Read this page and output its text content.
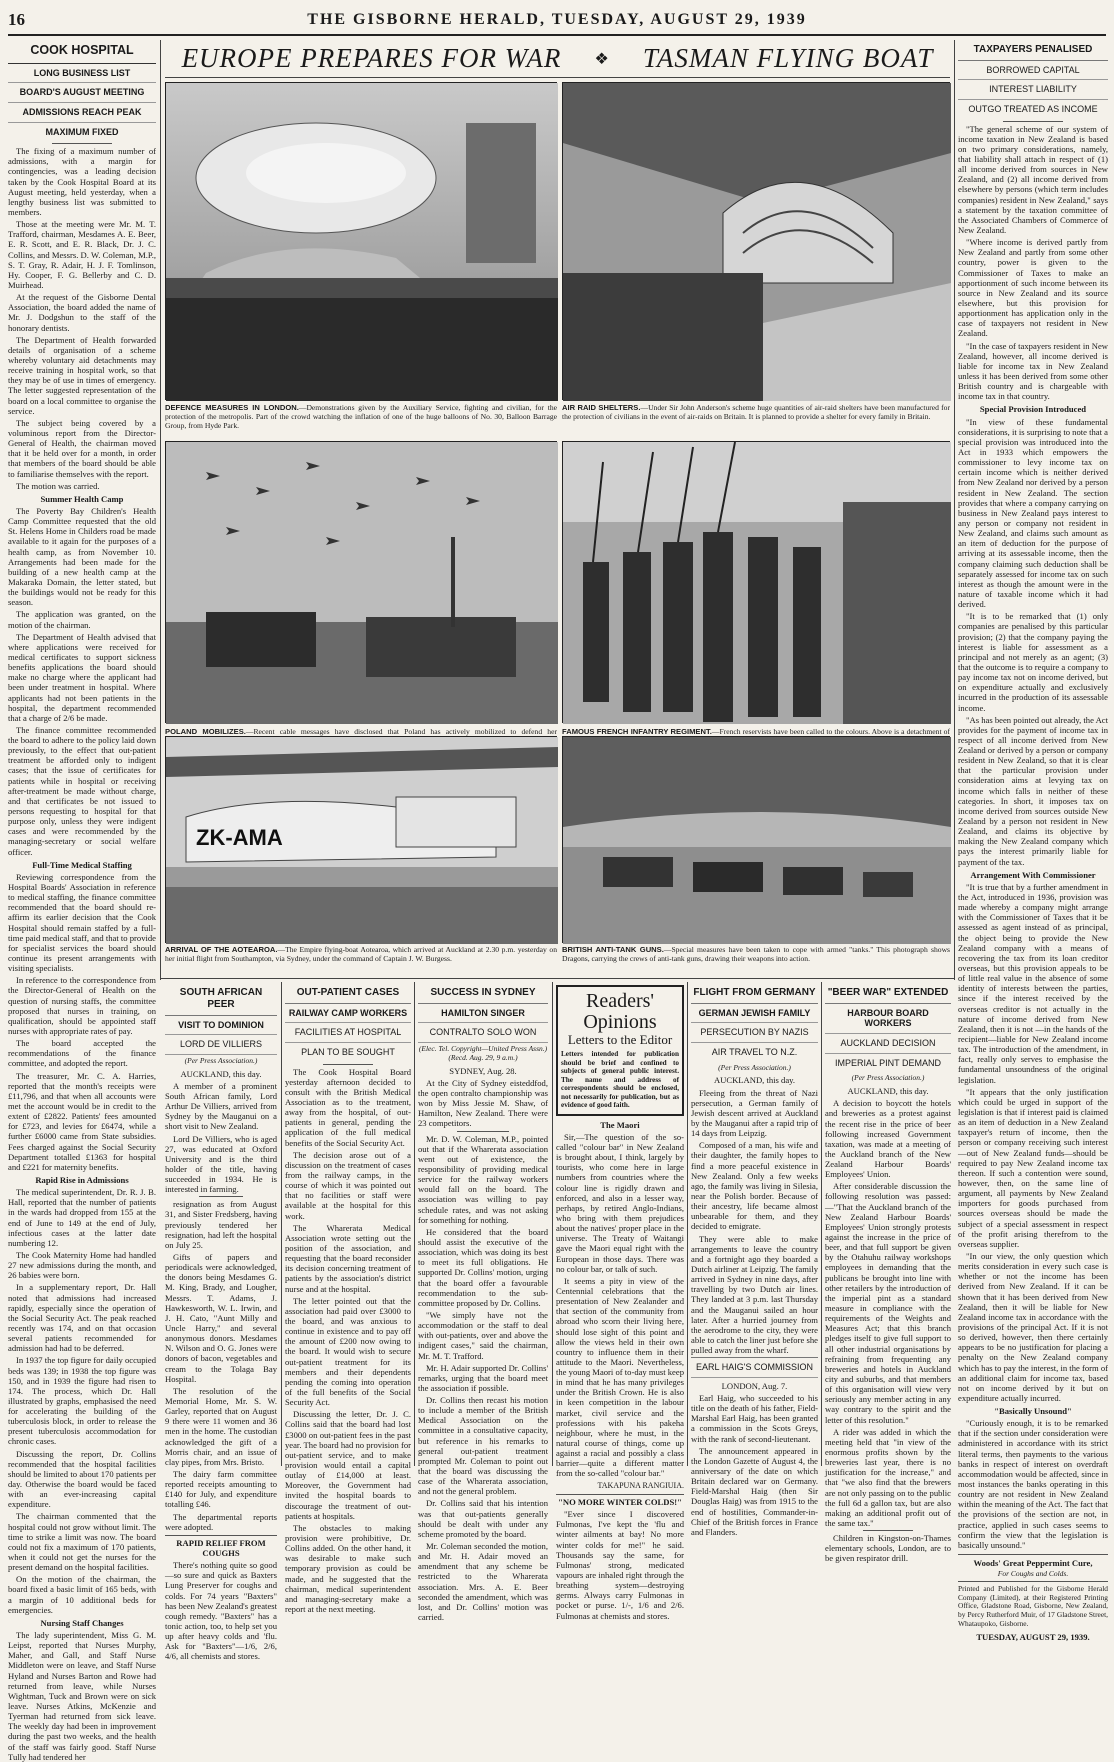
16	THE GISBORNE HERALD, TUESDAY, AUGUST 29, 1939
COOK HOSPITAL
LONG BUSINESS LIST
BOARD'S AUGUST MEETING
ADMISSIONS REACH PEAK
MAXIMUM FIXED

The fixing of a maximum number of admissions, with a margin for contingencies, was a leading decision taken by the Cook Hospital Board at its August meeting, held yesterday, when a lengthy business list was submitted to members.

Those at the meeting were Mr. M. T. Trafford, chairman, Mesdames A. E. Beer, E. R. Scott, and E. R. Black, Dr. J. C. Collins, and Messrs. D. W. Coleman, M.P., S. T. Gray, R. Adair, H. J. F. Tomlinson, Hy. Cooper, F. G. Bellerby and C. D. Muirhead.

At the request of the Gisborne Dental Association, the board added the name of Mr. J. Dodgshun to the staff of the honorary dentists.

The Department of Health forwarded details of organisation of a scheme whereby voluntary aid detachments may receive training in hospital work, so that they may be of use in times of emergency. The letter suggested representation of the board on a local committee to organise the service.

The subject being covered by a voluminous report from the Director-General of Health, the chairman moved that it be held over for a month, in order that members of the board should be able to familiarise themselves with the report.

The motion was carried.

Summer Health Camp

The Poverty Bay Children's Health Camp Committee requested that the old St. Helens Home in Childers road be made available to it again for the purposes of a health camp, as from November 10. Arrangements had been made for the building of a new health camp at the Makaraka Domain, the letter stated, but the buildings would not be ready for this season.

The application was granted, on the motion of the chairman.

The Department of Health advised that where applications were received for medical certificates to support sickness benefits applications the board should make no charge where the applicant had been under treatment in hospital. Where applicants had not been patients in the hospital, the department recommended that a charge of 2/6 be made.

The finance committee recommended the board to adhere to the policy laid down previously, to the effect that out-patient treatment be afforded only to indigent cases; that the issue of certificates for patients while in hospital or receiving after-treatment be made without charge, and that certificates be not issued to persons requesting to hospital for that purpose only, unless they were indigent cases and were recommended by the managing-secretary or social welfare officer.

Full-Time Medical Staffing

Reviewing correspondence from the Hospital Boards' Association in reference to medical staffing, the finance committee recommended that the board should re-affirm its earlier decision that the Cook Hospital should remain staffed by a full-time paid medical staff, and that to provide for specialist services the board should continue its present arrangements with visiting specialists.

In reference to the correspondence from the Director-General of Health on the question of nursing staffs, the committee proposed that nurses in training, on qualification, should be appointed staff nurses with appropriate rates of pay.

The board accepted the recommendations of the finance committee, and adopted the report.

The treasurer, Mr. C. A. Harries, reported that the month's receipts were £11,796, and that when all accounts were met the account would be in credit to the extent of £2822. Patients' fees amounted for £723, and levies for £6474, while a further £6000 came from State subsidies. Fees charged against the Social Security Department totalled £1363 for hospital and £221 for maternity benefits.

Rapid Rise in Admissions

The medical superintendent, Dr. R. J. B. Hall, reported that the number of patients in the wards had dropped from 155 at the end of June to 149 at the end of July, infectious cases at the latter date numbering 12.

The Cook Maternity Home had handled 27 new admissions during the month, and 26 babies were born.

In a supplementary report, Dr. Hall noted that admissions had increased rapidly, especially since the operation of the Social Security Act. The peak reached recently was 174, and on that occasion several patients recommended for admission had had to be deferred.

In 1937 the top figure for daily occupied beds was 139; in 1938 the top figure was 150, and in 1939 the figure had risen to 174. The process, which Dr. Hall illustrated by graphs, emphasised the need for accelerating the building of the tuberculosis block, in order to release the present tuberculosis accommodation for chronic cases.

Discussing the report, Dr. Collins recommended that the hospital facilities should be limited to about 170 patients per day. Otherwise the board would be faced with an ever-increasing capital expenditure.

The chairman commented that the hospital could not grow without limit. The time to strike a limit was now. The board could not fix a maximum of 170 patients, when it could not get the nurses for the present demand on the hospital facilities.

On the motion of the chairman, the board fixed a basic limit of 165 beds, with a margin of 10 additional beds for emergencies.

Nursing Staff Changes

The lady superintendent, Miss G. M. Leipst, reported that Nurses Murphy, Maher, and Gall, and Staff Nurse Middleton were on leave, and Staff Nurse Hyland and Nurses Barton and Rowe had returned from leave, while Nurses Wightman, Tuck and Brown were on sick leave. Nurses Atkins, McKenzie and Tyerman had returned from sick leave. The weekly day had been in improvement during the past two weeks, and the health of the staff was fairly good. Staff Nurse Tully had tendered her

EUROPE PREPARES FOR WAR ❖ TASMAN FLYING BOAT
DEFENCE MEASURES IN LONDON.—Demonstrations given by the Auxiliary Service, fighting and civilian, for the protection of the metropolis. Part of the crowd watching the inflation of one of the huge balloons of No. 30, Balloon Barrage Group, from Hyde Park.
AIR RAID SHELTERS.—Under Sir John Anderson's scheme huge quantities of air-raid shelters have been manufactured for the protection of civilians in the event of air-raids on Britain. It is planned to provide a shelter for every family in Britain.
POLAND MOBILIZES.—Recent cable messages have disclosed that Poland has actively mobilized to defend her FAMOUS FRENCH INFANTRY REGIMENT.—French reservists have been called to the colours. Above is a detachment of
ZK-AMA
ARRIVAL OF THE AOTEAROA.—The Empire flying-boat Aotearoa, which arrived at Auckland at 2.30 p.m. yesterday on her initial flight from Southampton, via Sydney, under the command of Captain J. W. Burgess.
BRITISH ANTI-TANK GUNS.—Special measures have been taken to cope with armed "tanks." This photograph shows Dragons, carrying the crews of anti-tank guns, drawing their weapons into action.
TAXPAYERS PENALISED
BORROWED CAPITAL
INTEREST LIABILITY
OUTGO TREATED AS INCOME

"The general scheme of our system of income taxation in New Zealand is based on two primary considerations, namely, that liability shall attach in respect of (1) all income derived from sources in New Zealand, and (2) all income derived from elsewhere by persons (which term includes companies) resident in New Zealand," says a statement by the taxation committee of the Associated Chambers of Commerce of New Zealand.

"Where income is derived partly from New Zealand and partly from some other country, power is given to the Commissioner of Taxes to make an apportionment of such income between its source in New Zealand and its source elsewhere, but this provision for apportionment has application only in the case of taxpayers not resident in New Zealand.

"In the case of taxpayers resident in New Zealand, however, all income derived is liable for income tax in New Zealand unless it has been derived from some other British country and is chargeable with income tax in that country.

Special Provision Introduced

"In view of these fundamental considerations, it is surprising to note that a special provision was introduced into the Act in 1933 which empowers the commissioner to levy income tax on certain income which is neither derived from New Zealand nor derived by a person resident in New Zealand. The section provides that where a company carrying on business in New Zealand pays interest to any person or company not resident in New Zealand, and claims such amount as an item of deduction for the purpose of arriving at its assessable income, then the company claiming such deduction shall be separately assessed for income tax on such interest as though the amount were in the nature of taxable income which it had derived.

"It is to be remarked that (1) only companies are penalised by this particular provision; (2) that the company paying the interest is liable for assessment as a principal and not merely as an agent; (3) that the outcome is to require a company to pay income tax not on income derived, but on expenditure actually and exclusively incurred in the production of its assessable income.

"As has been pointed out already, the Act provides for the payment of income tax in respect of all income derived from New Zealand or derived by a person or company resident in New Zealand, so that it is clear that the particular provision under consideration aims at levying tax on income which falls in neither of these categories. In short, it imposes tax on income derived from sources outside New Zealand by a person not resident in New Zealand, and claims its objective by making the New Zealand company which pays the interest primarily liable for payment of the tax.

Arrangement With Commissioner

"It is true that by a further amendment in the Act, introduced in 1936, provision was made whereby a company might arrange with the Commissioner of Taxes that it be assessed as agent instead of as principal, the object being to provide the New Zealand company with a means of recovering the tax from its loan creditor overseas, but this provision appeals to be of little real value in the absence of some identity of interests between the parties, since if the interest received by the overseas creditor is not actually in the nature of income derived from New Zealand, then it is not —in the hands of the recipient—liable for New Zealand income tax. The introduction of the amendment, in fact, really only serves to emphasise the fundamental unsoundness of the original legislation.

"It appears that the only justification which could be urged in support of the legislation is that if interest paid is claimed as an item of deduction in a New Zealand taxpayer's return of income, then the person or company receiving such interest—out of New Zealand funds—should be required to pay New Zealand income tax thereon. If such a contention were sound, however, then, on the same line of argument, all payments by New Zealand importers for goods purchased from sources overseas should be made the subject of a special assessment in respect of the profit arising therefrom to the overseas supplier.

"In our view, the only question which merits consideration in every such case is whether or not the income has been derived from New Zealand. If it can be shown that it has been derived from New Zealand, then it will be liable for New Zealand income tax in accordance with the provisions of the principal Act. If it is not so derived, however, then there certainly appears to be no justification for placing a penalty on the New Zealand company which has to pay the interest, in the form of an additional claim for income tax, based not on income derived by it but on expenditure actually incurred.

"Basically Unsound"

"Curiously enough, it is to be remarked that if the section under consideration were administered in accordance with its strict literal terms, then payments to the various banks in respect of interest on overdraft accommodation would be affected, since in most instances the banks operating in this country are not resident in New Zealand within the meaning of the Act. The fact that the provisions of the section are not, in practice, applied in such cases seems to confirm the view that the legislation is basically unsound."

Woods' Great Peppermint Cure,
For Coughs and Colds.

Printed and Published for the Gisborne Herald Company (Limited), at their Registered Printing Office, Gladstone Road, Gisborne, New Zealand, by Percy Rutherford Muir, of 17 Gladstone Street, Whataupoko, Gisborne.

TUESDAY, AUGUST 29, 1939.
SOUTH AFRICAN PEER
VISIT TO DOMINION
LORD DE VILLIERS
(Per Press Association.)
AUCKLAND, this day.

A member of a prominent South African family, Lord Arthur De Villiers, arrived from Sydney by the Mauganui on a short visit to New Zealand.

Lord De Villiers, who is aged 27, was educated at Oxford University and is the third holder of the title, having succeeded in 1934. He is interested in farming.

resignation as from August 31, and Sister Fredsberg, having previously tendered her resignation, had left the hospital on July 25.

Gifts of papers and periodicals were acknowledged, the donors being Mesdames G. M. King, Brady, and Lougher, Messrs. T. Adams, J. Hawkesworth, W. L. Irwin, and J. H. Cato, "Aunt Milly and Uncle Harry," and several anonymous donors. Mesdames N. Wilson and O. G. Jones were donors of bacon, vegetables and cream to the Tolaga Bay Hospital.

The resolution of the Memorial Home, Mr. S. W. Garley, reported that on August 9 there were 11 women and 36 men in the home. The custodian acknowledged the gift of a Morris chair, and an issue of clay pipes, from Mrs. Bristo.

The dairy farm committee reported receipts amounting to £140 for July, and expenditure totalling £46.

The departmental reports were adopted.

RAPID RELIEF FROM COUGHS

There's nothing quite so good—so sure and quick as Baxters Lung Preserver for coughs and colds. For 74 years "Baxters" has been New Zealand's greatest cough remedy. "Baxters" has a tonic action, too, to help set you up after heavy colds and 'flu. Ask for "Baxters"—1/6, 2/6, 4/6, all chemists and stores.

OUT-PATIENT CASES
RAILWAY CAMP WORKERS
FACILITIES AT HOSPITAL
PLAN TO BE SOUGHT

The Cook Hospital Board yesterday afternoon decided to consult with the British Medical Association as to the treatment, away from the hospital, of out-patients in general, pending the application of the full medical benefits of the Social Security Act.

The decision arose out of a discussion on the treatment of cases from the railway camps, in the course of which it was pointed out that no facilities or staff were available at the hospital for this work.

The Wharerata Medical Association wrote setting out the position of the association, and requesting that the board reconsider its decision concerning treatment of patients by the association's district nurse and at the hospital.

The letter pointed out that the association had paid over £3000 to the board, and was anxious to continue in existence and to pay off the amount of £200 now owing to the board. It would wish to secure out-patient treatment for its members and their dependents pending the coming into operation of the full benefits of the Social Security Act.

Discussing the letter, Dr. J. C. Collins said that the board had lost £3000 on out-patient fees in the past year. The board had no provision for out-patient service, and to make provision would entail a capital outlay of £14,000 at least. Moreover, the Government had invited the hospital boards to discourage the treatment of out-patients at hospitals.

The obstacles to making provision were prohibitive, Dr. Collins added. On the other hand, it was desirable to make such temporary provision as could be made, and he suggested that the chairman, medical superintendent and managing-secretary make a report at the next meeting.

SUCCESS IN SYDNEY
HAMILTON SINGER
CONTRALTO SOLO WON
(Elec. Tel. Copyright—United Press Assn.) (Recd. Aug. 29, 9 a.m.)
SYDNEY, Aug. 28.

At the City of Sydney eisteddfod, the open contralto championship was won by Miss Jessie M. Shaw, of Hamilton, New Zealand. There were 23 competitors.

Mr. D. W. Coleman, M.P., pointed out that if the Wharerata association went out of existence, the responsibility of providing medical service for the railway workers would fall on the board. The association was willing to pay schedule rates, and was not asking for something for nothing.

He considered that the board should assist the executive of the association, which was doing its best to meet its full obligations. He supported Dr. Collins' motion, urging that the board offer a favourable recommendation to the sub-committee proposed by Dr. Collins.

"We simply have not the accommodation or the staff to deal with out-patients, over and above the indigent cases," said the chairman, Mr. M. T. Trafford.

Mr. H. Adair supported Dr. Collins' remarks, urging that the board meet the association if possible.

Dr. Collins then recast his motion to include a member of the British Medical Association on the committee in a consultative capacity, but reference in his remarks to general out-patient treatment prompted Mr. Coleman to point out that the board was discussing the case of the Wharerata association, and not the general problem.

Dr. Collins said that his intention was that out-patients generally should be dealt with under any scheme promoted by the board.

Mr. Coleman seconded the motion, and Mr. H. Adair moved an amendment that any scheme be restricted to the Wharerata association. Mrs. A. E. Beer seconded the amendment, which was lost, and Dr. Collins' motion was carried.

Readers' Opinions
Letters to the Editor
Letters intended for publication should be brief and confined to subjects of general public interest. The name and address of correspondents should be enclosed, not necessarily for publication, but as evidence of good faith.
The Maori

Sir,—The question of the so-called "colour bar" in New Zealand is brought about, I think, largely by tourists, who come here in large numbers from countries where the colour line is rigidly drawn and enforced, and also in a lesser way, perhaps, by retired Anglo-Indians, who bring with them prejudices about the natives' proper place in the universe. The Treaty of Waitangi gave the Maori equal right with the European in those days. There was no colour bar, or talk of such.

It seems a pity in view of the Centennial celebrations that the presentation of New Zealander and that section of the community from abroad who scorn their living here, should lose sight of this point and allow the views held in their own country to influence them in their attitude to the Maori. Nevertheless, the young Maori of to-day must keep in mind that he has many privileges under the British Crown. He is also in keen competition in the labour market, civil service and the professions with his pakeha neighbour, where he must, in the natural course of things, come up against a racial and possibly a class barrier—quite a different matter from the so-called "colour bar."

TAKAPUNA RANGIUIA.
"NO MORE WINTER COLDS!"

"Ever since I discovered Fulmonas, I've kept the 'flu and winter ailments at bay! No more winter colds for me!" he said. Thousands say the same, for Fulmonas' strong, medicated vapours are inhaled right through the breathing system—destroying germs. Always carry Fulmonas in pocket or purse. 1/-, 1/6 and 2/6. Fulmonas at chemists and stores.

FLIGHT FROM GERMANY
GERMAN JEWISH FAMILY
PERSECUTION BY NAZIS
AIR TRAVEL TO N.Z.
(Per Press Association.)
AUCKLAND, this day.

Fleeing from the threat of Nazi persecution, a German family of Jewish descent arrived at Auckland by the Mauganui after a rapid trip of 14 days from Leipzig.

Composed of a man, his wife and their daughter, the family hopes to find a more peaceful existence in New Zealand. Only a few weeks ago, the family was living in Silesia, near the Polish border. Because of their ancestry, life became almost unbearable for them, and they decided to emigrate.

They were able to make arrangements to leave the country and a fortnight ago they boarded a Dutch airliner at Leipzig. The family arrived in Sydney in nine days, after travelling by two Dutch air lines. They landed at 3 p.m. last Thursday and the Mauganui sailed an hour later. After a hurried journey from the aerodrome to the city, they were able to catch the liner just before she pulled away from the wharf.

EARL HAIG'S COMMISSION
LONDON, Aug. 7.

Earl Haig, who succeeded to his title on the death of his father, Field-Marshal Earl Haig, has been granted a commission in the Scots Greys, with the rank of second-lieutenant.

The announcement appeared in the London Gazette of August 4, the anniversary of the date on which Britain declared war on Germany. Field-Marshal Haig (then Sir Douglas Haig) was from 1915 to the end of hostilities, Commander-in-Chief of the British forces in France and Flanders.

"BEER WAR" EXTENDED
HARBOUR BOARD WORKERS
AUCKLAND DECISION
IMPERIAL PINT DEMAND
(Per Press Association.)
AUCKLAND, this day.

A decision to boycott the hotels and breweries as a protest against the recent rise in the price of beer following increased Government taxation, was made at a meeting of the Auckland branch of the New Zealand Harbour Boards' Employees' Union.

After considerable discussion the following resolution was passed:—"That the Auckland branch of the New Zealand Harbour Boards' Employees' Union strongly protests against the increase in the price of beer, and that full support be given by the Otahuhu railway workshops employees in demanding that the publicans be brought into line with other retailers by the introduction of the imperial pint as a standard measure in compliance with the requirements of the Weights and Measures Act; that this branch pledges itself to give full support to all other industrial organisations by refraining from frequenting any breweries and hotels in Auckland city and suburbs, and that members of this organisation will view very seriously any member acting in any way contrary to the spirit and the letter of this resolution."

A rider was added in which the meeting held that "in view of the enormous profits shown by the breweries last year, there is no justification for the increase," and that "we also find that the brewers are not only passing on to the public the full 6d a gallon tax, but are also making an additional profit out of the same tax."

Children in Kingston-on-Thames elementary schools, London, are to be given respirator drill.
